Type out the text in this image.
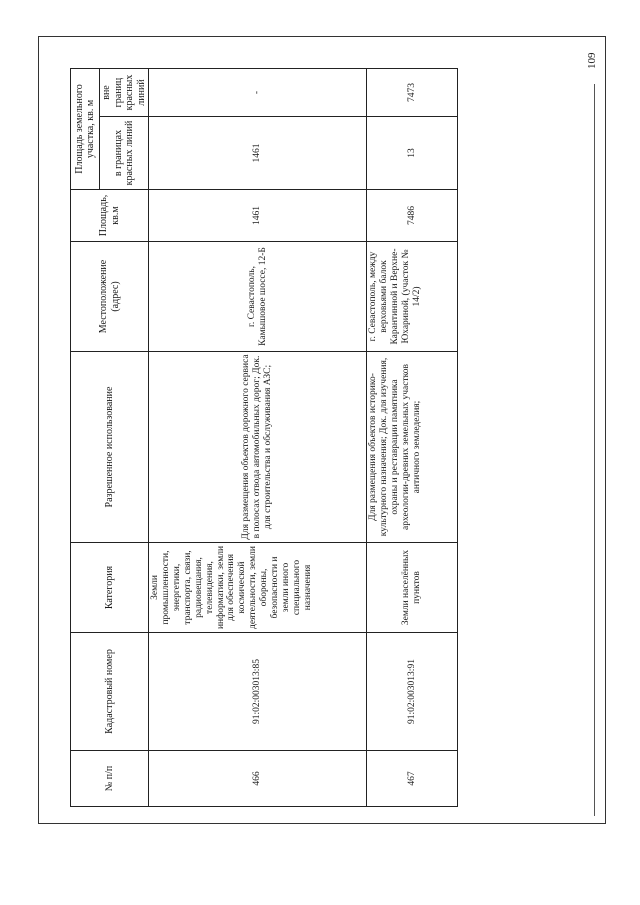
109
№ п/п	Кадастровый номер	Категория	Разрешенное использование	Местоположение (адрес)	Площадь, кв.м	Площадь земельного участка, кв. м	
						в границах красных линий	вне границ красных линий
466	91:02:003013:85	Земли промышленности, энергетики, транспорта, связи, радиовещания, телевидения, информатики, земли для обеспечения космической деятельности, земли обороны, безопасности и земли иного специального назначения	Для размещения объектов дорожного сервиса в полосах отвода автомобильных дорог; Док. для строительства и обслуживания АЗС;	г. Севастополь, Камышовое шоссе, 12-Б	1461	1461	-
467	91:02:003013:91	Земли населённых пунктов	Для размещения объектов историко-культурного назначения; Док. для изучения, охраны и реставрации памятника археологии-древних земельных участков античного земледелия;	г. Севастополь, между верховьями балок Карантинной и Верхне-Юхариной, (участок № 14/2)	7486	13	7473
